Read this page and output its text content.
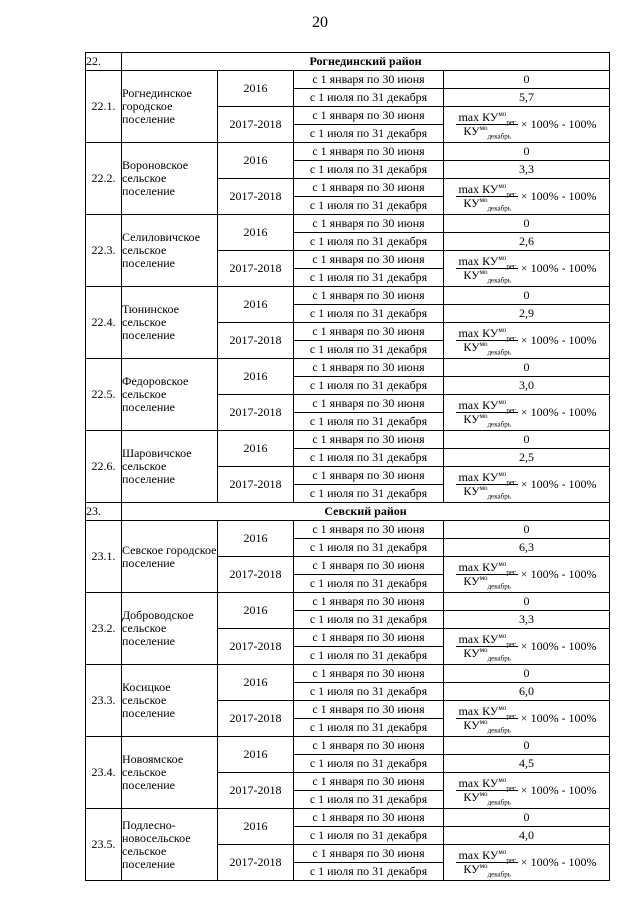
20
22.	Рогнединский район			
22.1.	Рогнединское городское поселение	2016	с 1 января по 30 июня	0
			с 1 июля по 31 декабря	5,7
		2017-2018	с 1 января по 30 июня	$\frac{\max КУ^{мо}_{рег}}{КУ^{мо}_{декабрь}} \times 100\% - 100\%$
			с 1 июля по 31 декабря	
22.2.	Вороновское сельское поселение	2016	с 1 января по 30 июня	0
			с 1 июля по 31 декабря	3,3
		2017-2018	с 1 января по 30 июня	$\frac{\max КУ^{мо}_{рег}}{КУ^{мо}_{декабрь}} \times 100\% - 100\%$
			с 1 июля по 31 декабря	
22.3.	Селиловичское сельское поселение	2016	с 1 января по 30 июня	0
			с 1 июля по 31 декабря	2,6
		2017-2018	с 1 января по 30 июня	$\frac{\max КУ^{мо}_{рег}}{КУ^{мо}_{декабрь}} \times 100\% - 100\%$
			с 1 июля по 31 декабря	
22.4.	Тюнинское сельское поселение	2016	с 1 января по 30 июня	0
			с 1 июля по 31 декабря	2,9
		2017-2018	с 1 января по 30 июня	$\frac{\max КУ^{мо}_{рег}}{КУ^{мо}_{декабрь}} \times 100\% - 100\%$
			с 1 июля по 31 декабря	
22.5.	Федоровское сельское поселение	2016	с 1 января по 30 июня	0
			с 1 июля по 31 декабря	3,0
		2017-2018	с 1 января по 30 июня	$\frac{\max КУ^{мо}_{рег}}{КУ^{мо}_{декабрь}} \times 100\% - 100\%$
			с 1 июля по 31 декабря	
22.6.	Шаровичское сельское поселение	2016	с 1 января по 30 июня	0
			с 1 июля по 31 декабря	2,5
		2017-2018	с 1 января по 30 июня	$\frac{\max КУ^{мо}_{рег}}{КУ^{мо}_{декабрь}} \times 100\% - 100\%$
			с 1 июля по 31 декабря	
23.	Севский район			
23.1.	Севское городское поселение	2016	с 1 января по 30 июня	0
			с 1 июля по 31 декабря	6,3
		2017-2018	с 1 января по 30 июня	$\frac{\max КУ^{мо}_{рег}}{КУ^{мо}_{декабрь}} \times 100\% - 100\%$
			с 1 июля по 31 декабря	
23.2.	Доброводское сельское поселение	2016	с 1 января по 30 июня	0
			с 1 июля по 31 декабря	3,3
		2017-2018	с 1 января по 30 июня	$\frac{\max КУ^{мо}_{рег}}{КУ^{мо}_{декабрь}} \times 100\% - 100\%$
			с 1 июля по 31 декабря	
23.3.	Косицкое сельское поселение	2016	с 1 января по 30 июня	0
			с 1 июля по 31 декабря	6,0
		2017-2018	с 1 января по 30 июня	$\frac{\max КУ^{мо}_{рег}}{КУ^{мо}_{декабрь}} \times 100\% - 100\%$
			с 1 июля по 31 декабря	
23.4.	Новоямское сельское поселение	2016	с 1 января по 30 июня	0
			с 1 июля по 31 декабря	4,5
		2017-2018	с 1 января по 30 июня	$\frac{\max КУ^{мо}_{рег}}{КУ^{мо}_{декабрь}} \times 100\% - 100\%$
			с 1 июля по 31 декабря	
23.5.	Подлесно-новосельское сельское поселение	2016	с 1 января по 30 июня	0
			с 1 июля по 31 декабря	4,0
		2017-2018	с 1 января по 30 июня	$\frac{\max КУ^{мо}_{рег}}{КУ^{мо}_{декабрь}} \times 100\% - 100\%$
			с 1 июля по 31 декабря	
